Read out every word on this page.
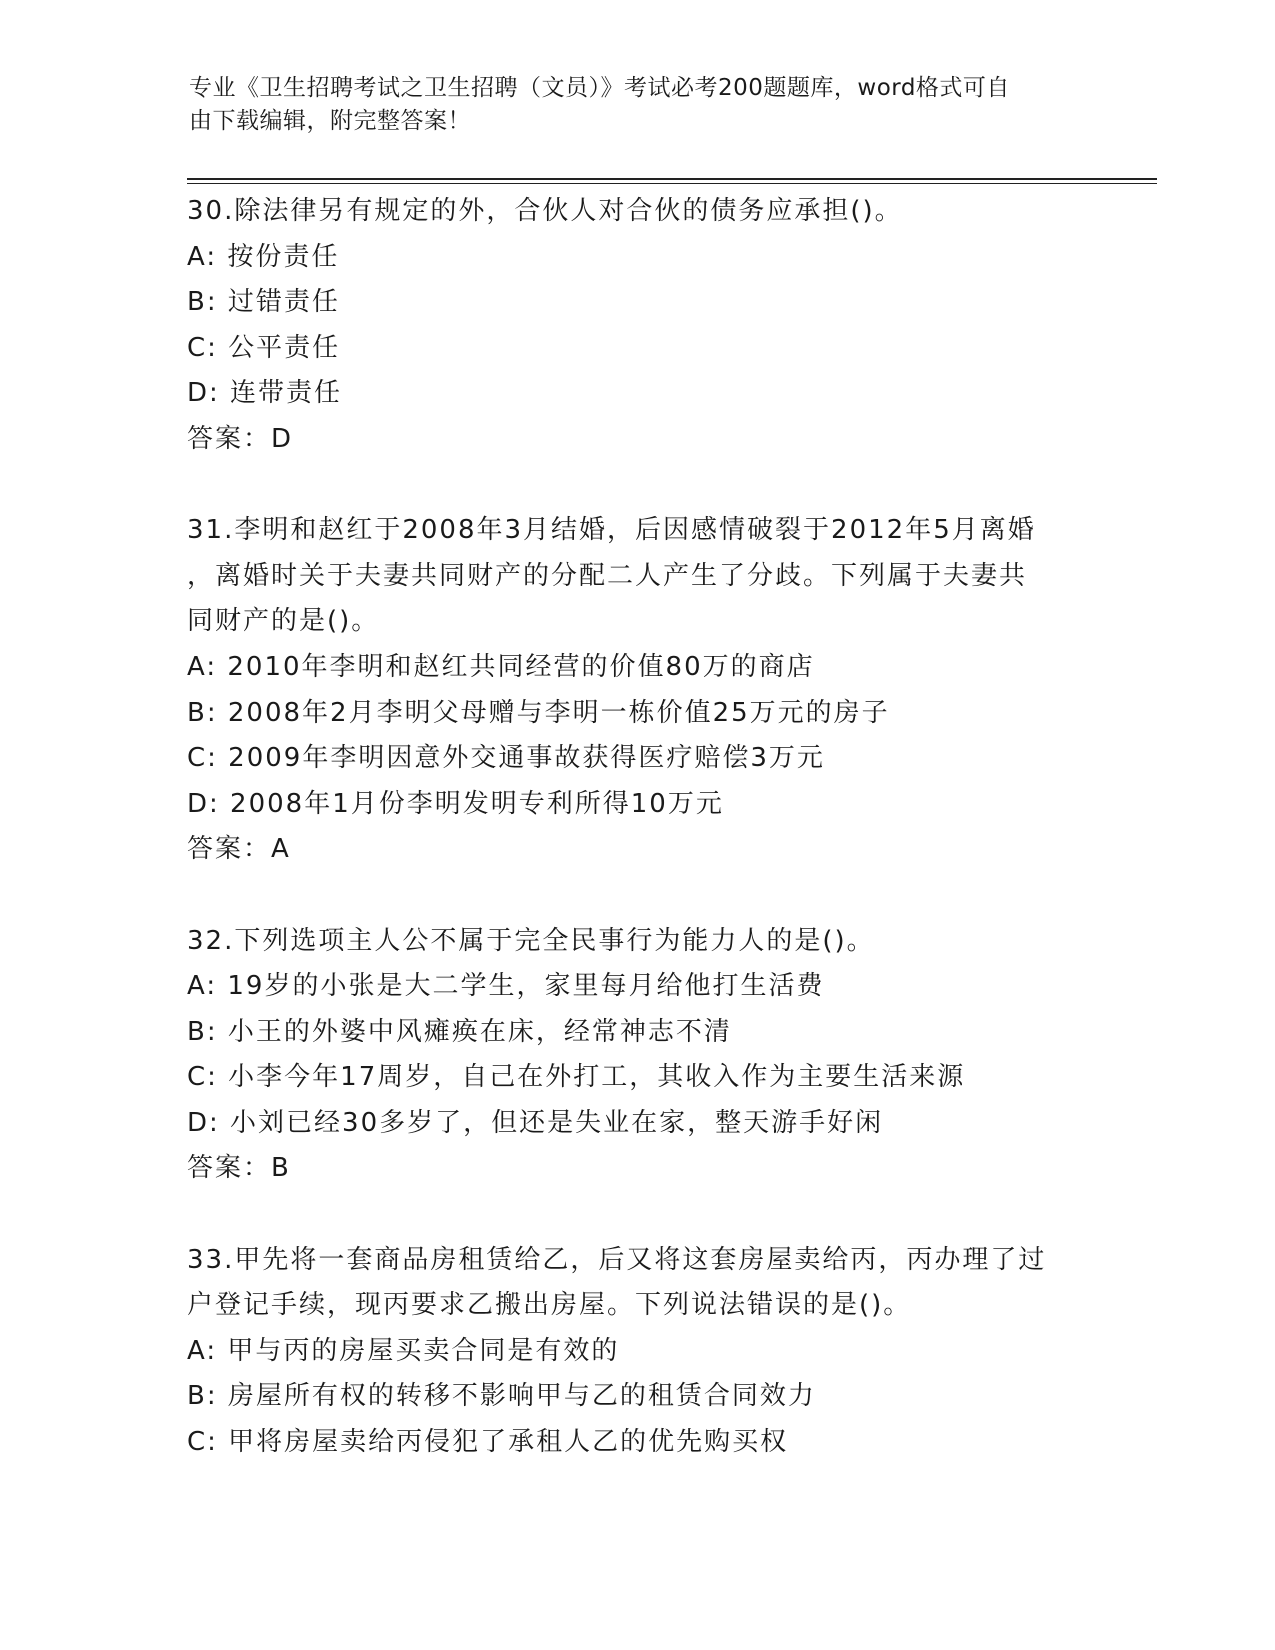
专业《卫生招聘考试之卫生招聘（文员）》考试必考200题题库，word格式可自
由下载编辑，附完整答案！
30.除法律另有规定的外，合伙人对合伙的债务应承担()。
A: 按份责任
B: 过错责任
C: 公平责任
D: 连带责任
答案：D
31.李明和赵红于2008年3月结婚，后因感情破裂于2012年5月离婚
，离婚时关于夫妻共同财产的分配二人产生了分歧。下列属于夫妻共
同财产的是()。
A: 2010年李明和赵红共同经营的价值80万的商店
B: 2008年2月李明父母赠与李明一栋价值25万元的房子
C: 2009年李明因意外交通事故获得医疗赔偿3万元
D: 2008年1月份李明发明专利所得10万元
答案：A
32.下列选项主人公不属于完全民事行为能力人的是()。
A: 19岁的小张是大二学生，家里每月给他打生活费
B: 小王的外婆中风瘫痪在床，经常神志不清
C: 小李今年17周岁，自己在外打工，其收入作为主要生活来源
D: 小刘已经30多岁了，但还是失业在家，整天游手好闲
答案：B
33.甲先将一套商品房租赁给乙，后又将这套房屋卖给丙，丙办理了过
户登记手续，现丙要求乙搬出房屋。下列说法错误的是()。
A: 甲与丙的房屋买卖合同是有效的
B: 房屋所有权的转移不影响甲与乙的租赁合同效力
C: 甲将房屋卖给丙侵犯了承租人乙的优先购买权
